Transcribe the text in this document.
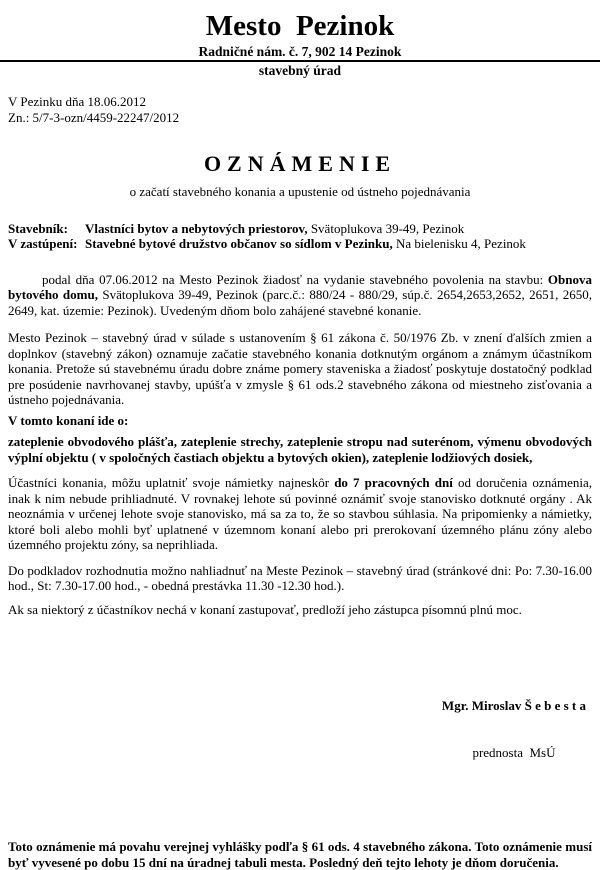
Mesto  Pezinok
Radničné nám. č. 7, 902 14 Pezinok
stavebný úrad
V Pezinku dňa 18.06.2012
Zn.: 5/7-3-ozn/4459-22247/2012
OZNÁMENIE
o začatí stavebného konania a upustenie od ústneho pojednávania
Stavebník:	Vlastníci bytov a nebytových priestorov, Svätoplukova 39-49, Pezinok
V zastúpení: Stavebné bytové družstvo občanov so sídlom v Pezinku, Na bielenisku 4, Pezinok

podal dňa 07.06.2012 na Mesto Pezinok žiadosť na vydanie stavebného povolenia na stavbu: Obnova bytového domu, Svätoplukova 39-49, Pezinok (parc.č.: 880/24 - 880/29, súp.č. 2654,2653,2652, 2651, 2650, 2649, kat. územie: Pezinok). Uvedeným dňom bolo zahájené stavebné konanie.

Mesto Pezinok – stavebný úrad v súlade s ustanovením § 61 zákona č. 50/1976 Zb. v znení ďalších zmien a doplnkov (stavebný zákon) oznamuje začatie stavebného konania dotknutým orgánom a známym účastníkom konania. Pretože sú stavebnému úradu dobre známe pomery staveniska a žiadosť poskytuje dostatočný podklad pre posúdenie navrhovanej stavby, upúšťa v zmysle § 61 ods.2 stavebného zákona od miestneho zisťovania a ústneho pojednávania.

V tomto konaní ide o:

zateplenie obvodového plášťa, zateplenie strechy, zateplenie stropu nad suterénom, výmenu obvodových výplní objektu ( v spoločných častiach objektu a bytových okien), zateplenie lodžiových dosiek,

Účastníci konania, môžu uplatniť svoje námietky najneskôr do 7 pracovných dní od doručenia oznámenia, inak k nim nebude prihliadnuté. V rovnakej lehote sú povinné oznámiť svoje stanovisko dotknuté orgány . Ak neoznámia v určenej lehote svoje stanovisko, má sa za to, že so stavbou súhlasia. Na pripomienky a námietky, ktoré boli alebo mohli byť uplatnené v územnom konaní alebo pri prerokovaní územného plánu zóny alebo územného projektu zóny, sa neprihliada.

Do podkladov rozhodnutia možno nahliadnuť na Meste Pezinok – stavebný úrad (stránkové dni: Po: 7.30-16.00 hod., St: 7.30-17.00 hod., - obedná prestávka 11.30 -12.30 hod.).

Ak sa niektorý z účastníkov nechá v konaní zastupovať, predloží jeho zástupca písomnú plnú moc.

Mgr. Miroslav Š e b e s t a

prednosta  MsÚ

Toto oznámenie má povahu verejnej vyhlášky podľa § 61 ods. 4 stavebného zákona. Toto oznámenie musí byť vyvesené po dobu 15 dní na úradnej tabuli mesta. Posledný deň tejto lehoty je dňom doručenia.
